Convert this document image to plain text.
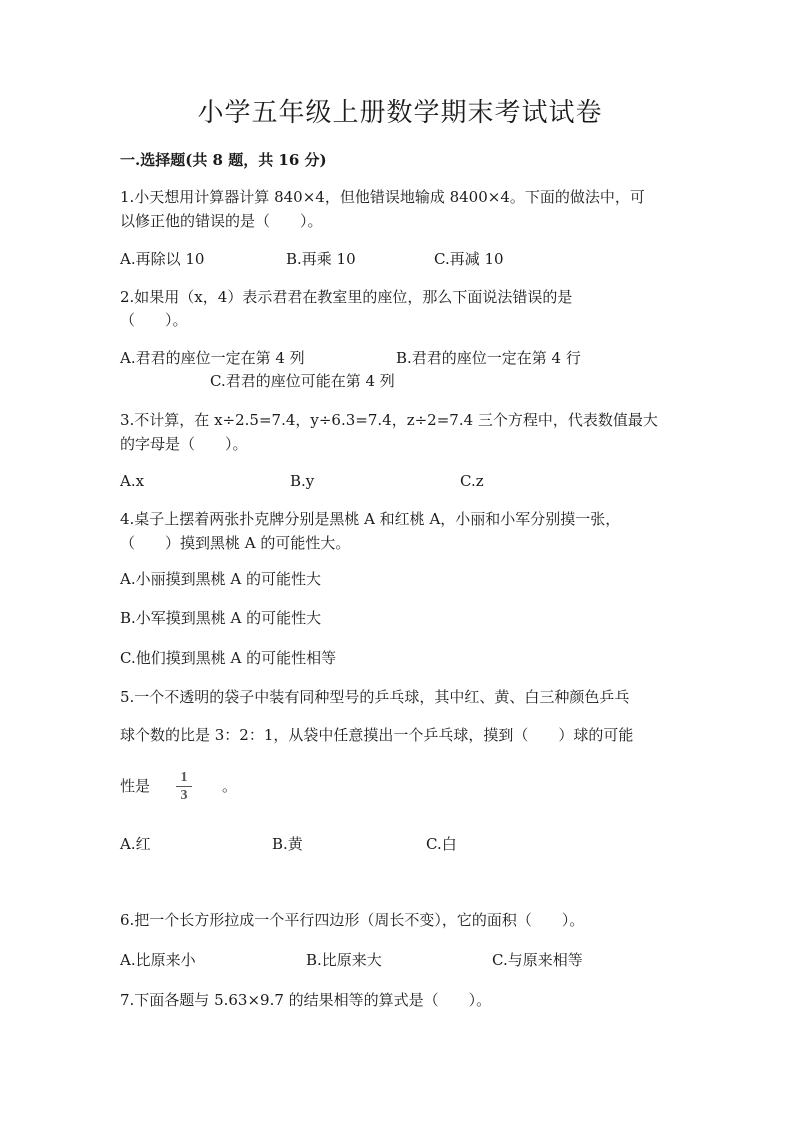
小学五年级上册数学期末考试试卷
一.选择题(共 8 题，共 16 分)
1.小天想用计算器计算 840×4，但他错误地输成 8400×4。下面的做法中，可
以修正他的错误的是（　　）。
A.再除以 10	B.再乘 10	C.再减 10
2.如果用（x，4）表示君君在教室里的座位，那么下面说法错误的是
（　　）。
A.君君的座位一定在第 4 列	B.君君的座位一定在第 4 行
C.君君的座位可能在第 4 列
3.不计算，在 x÷2.5=7.4，y÷6.3=7.4，z÷2=7.4 三个方程中，代表数值最大
的字母是（　　）。
A.x	B.y	C.z
4.桌子上摆着两张扑克牌分别是黑桃 A 和红桃 A，小丽和小军分别摸一张，
（　　）摸到黑桃 A 的可能性大。
A.小丽摸到黑桃 A 的可能性大
B.小军摸到黑桃 A 的可能性大
C.他们摸到黑桃 A 的可能性相等
5.一个不透明的袋子中装有同种型号的乒乓球，其中红、黄、白三种颜色乒乓
球个数的比是 3：2：1，从袋中任意摸出一个乒乓球，摸到（　　）球的可能
性是	1
3
。
A.红	B.黄	C.白
6.把一个长方形拉成一个平行四边形（周长不变），它的面积（　　）。
A.比原来小	B.比原来大	C.与原来相等
7.下面各题与 5.63×9.7 的结果相等的算式是（　　）。
